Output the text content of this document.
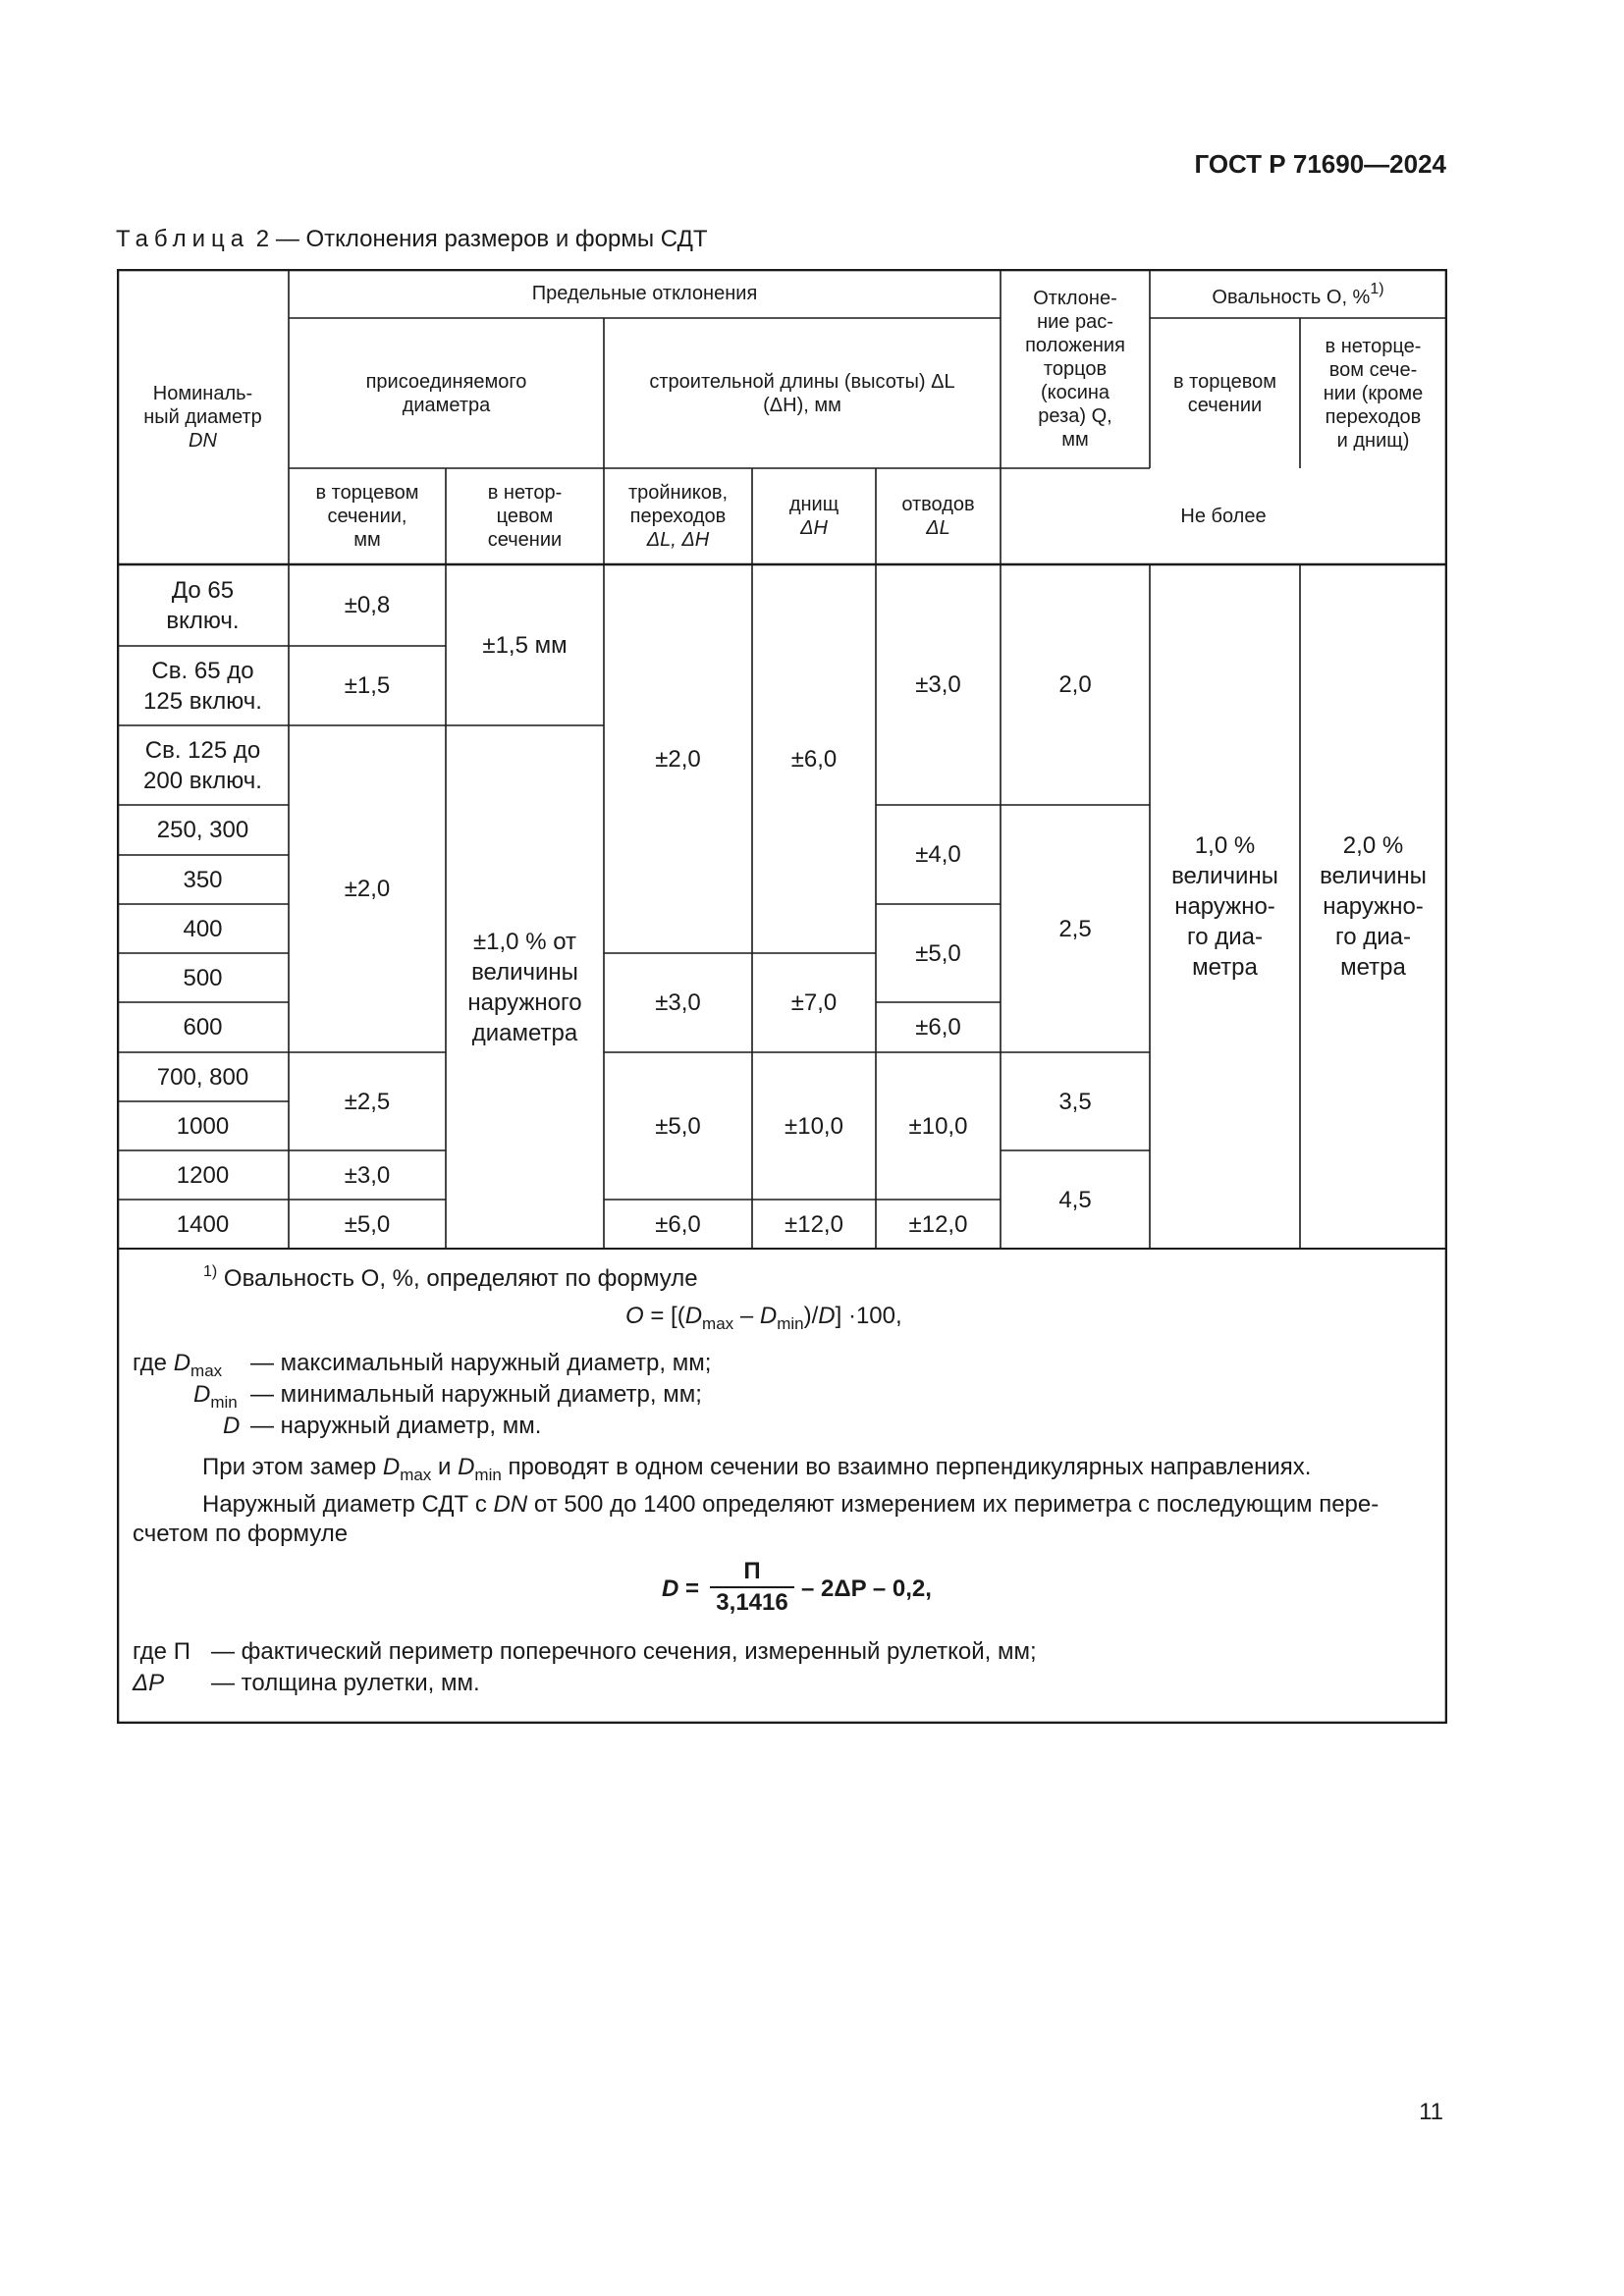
ГОСТ Р 71690—2024
Таблица 2 — Отклонения размеров и формы СДТ
Номиналь-
ный диаметр
DN
Предельные отклонения	Отклоне-
ние рас-
положения
торцов
(косина
реза) Q,
мм
Овальность О, %$^{1)}$
присоединяемого
диаметра
строительной длины (высоты) ΔL
(ΔH), мм
в торцевом
сечении
в неторце-
вом сече-
нии (кроме
переходов
и днищ)
в торцевом
сечении,
мм
в нетор-
цевом
сечении
тройников,
переходов
ΔL, ΔH
днищ
ΔH
отводов
ΔL
Не более
До 65
включ.
Св. 65 до
125 включ.
Св. 125 до
200 включ.
250, 300
350
400
500
600
700, 800
1000
1200
1400
±0,8
±1,5
±2,0
±2,5
±3,0
±5,0
±1,5 мм
±1,0 % от
величины
наружного
диаметра
±2,0
±3,0
±5,0
±6,0
±6,0
±7,0
±10,0
±12,0
±3,0
±4,0
±5,0
±6,0
±10,0
±12,0
2,0
2,5
3,5
4,5
1,0 %
величины
наружно-
го диа-
метра
2,0 %
величины
наружно-
го диа-
метра
$^{1)}$ Овальность О, %, определяют по формуле
$O = [(D_{max} - D_{min})/D] \cdot 100$,
где $D_{max}$ — максимальный наружный диаметр, мм;
$D_{min}$ — минимальный наружный диаметр, мм;
D — наружный диаметр, мм.
При этом замер $D_{max}$ и $D_{min}$ проводят в одном сечении во взаимно перпендикулярных направлениях.
Наружный диаметр СДТ с DN от 500 до 1400 определяют измерением их периметра с последующим пере-
счетом по формуле
D =
П
3,1416
– 2ΔP – 0,2,
где П — фактический периметр поперечного сечения, измеренный рулеткой, мм;
ΔP — толщина рулетки, мм.
11
